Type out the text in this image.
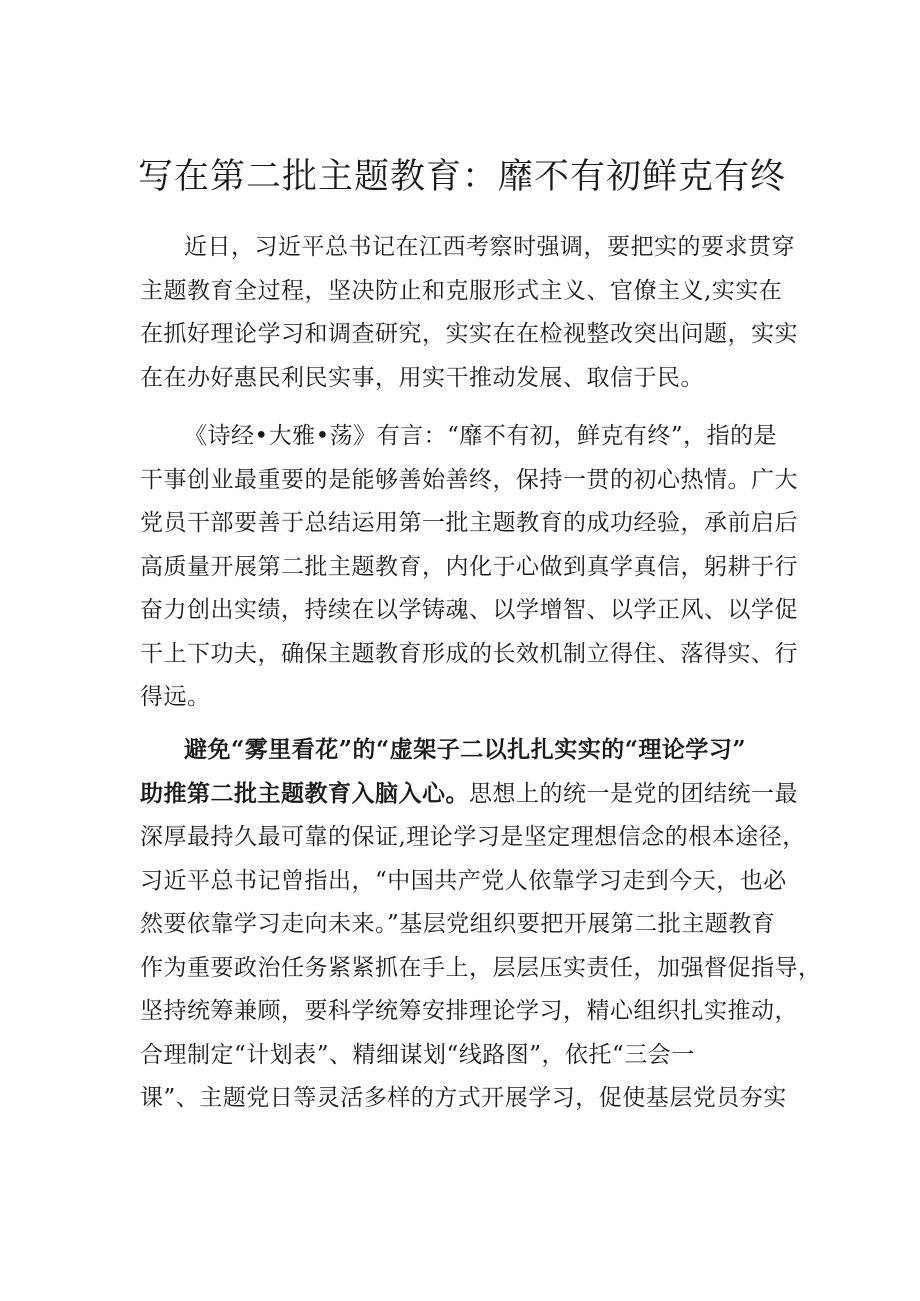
写在第二批主题教育：靡不有初鲜克有终
近日，习近平总书记在江西考察时强调，要把实的要求贯穿
主题教育全过程，坚决防止和克服形式主义、官僚主义,实实在
在抓好理论学习和调查研究，实实在在检视整改突出问题，实实
在在办好惠民利民实事，用实干推动发展、取信于民。
《诗经•大雅•荡》有言：“靡不有初，鲜克有终”，指的是
干事创业最重要的是能够善始善终，保持一贯的初心热情。广大
党员干部要善于总结运用第一批主题教育的成功经验，承前启后
高质量开展第二批主题教育，内化于心做到真学真信，躬耕于行
奋力创出实绩，持续在以学铸魂、以学增智、以学正风、以学促
干上下功夫，确保主题教育形成的长效机制立得住、落得实、行
得远。
避免“雾里看花”的“虚架子二以扎扎实实的“理论学习”
助推第二批主题教育入脑入心。思想上的统一是党的团结统一最
深厚最持久最可靠的保证,理论学习是坚定理想信念的根本途径，
习近平总书记曾指出，“中国共产党人依靠学习走到今天，也必
然要依靠学习走向未来。”基层党组织要把开展第二批主题教育
作为重要政治任务紧紧抓在手上，层层压实责任，加强督促指导，
坚持统筹兼顾，要科学统筹安排理论学习，精心组织扎实推动，
合理制定“计划表”、精细谋划“线路图”，依托“三会一
课”、主题党日等灵活多样的方式开展学习，促使基层党员夯实
